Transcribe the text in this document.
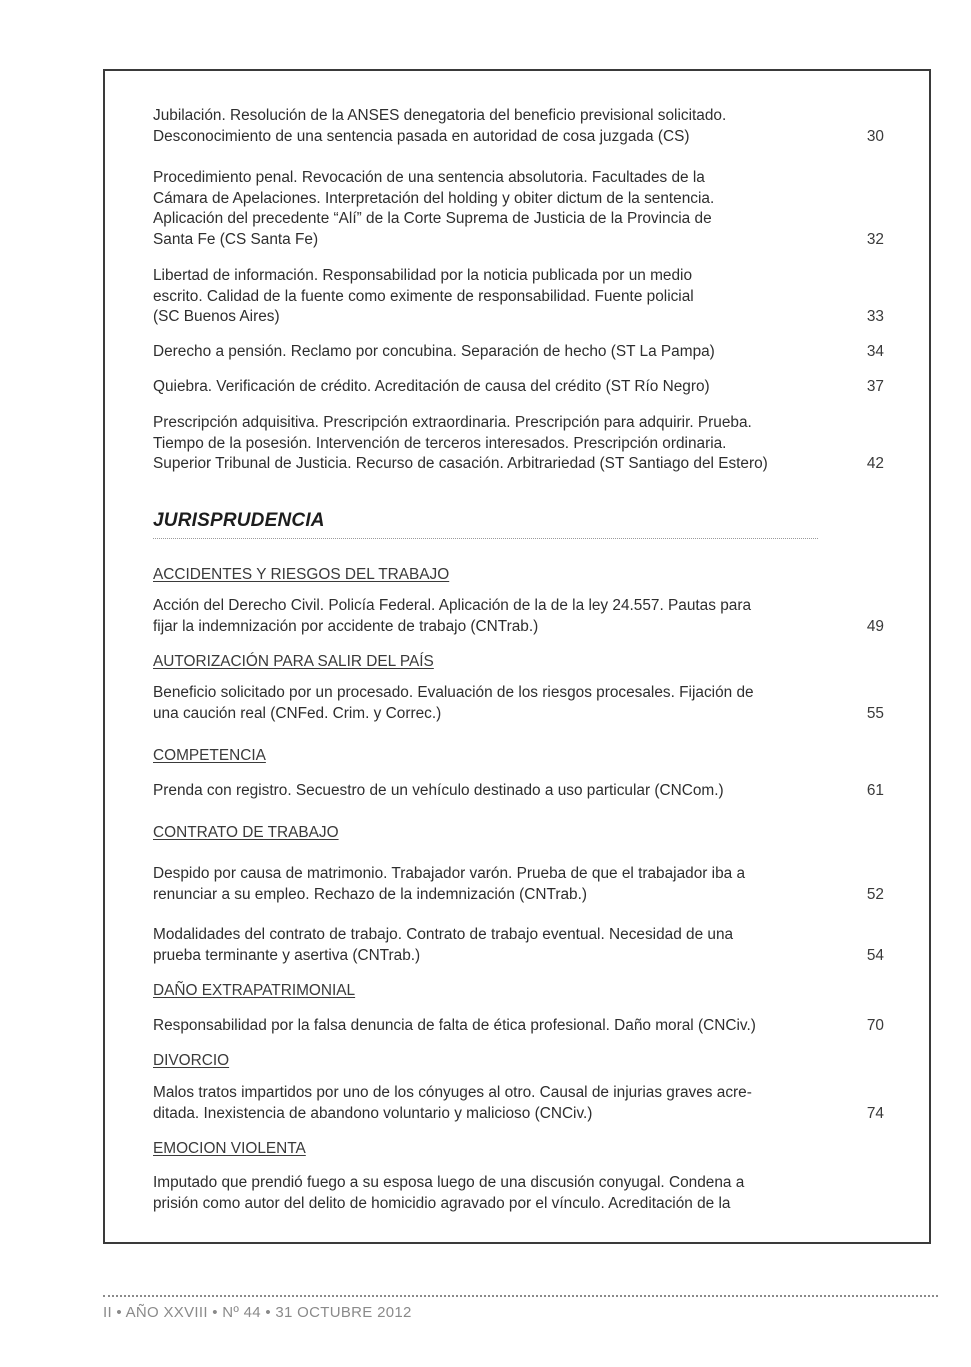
Jubilación. Resolución de la ANSES denegatoria del beneficio previsional solicitado.
Desconocimiento de una sentencia pasada en autoridad de cosa juzgada (CS)	30
Procedimiento penal. Revocación de una sentencia absolutoria. Facultades de la
Cámara de Apelaciones. Interpretación del holding y obiter dictum de la sentencia.
Aplicación del precedente “Alí” de la Corte Suprema de Justicia de la Provincia de
Santa Fe (CS Santa Fe)	32
Libertad de información. Responsabilidad por la noticia publicada por un medio
escrito. Calidad de la fuente como eximente de responsabilidad. Fuente policial
(SC Buenos Aires)	33
Derecho a pensión. Reclamo por concubina. Separación de hecho (ST La Pampa)	34
Quiebra. Verificación de crédito. Acreditación de causa del crédito (ST Río Negro)	37
Prescripción adquisitiva. Prescripción extraordinaria. Prescripción para adquirir. Prueba.
Tiempo de la posesión. Intervención de terceros interesados. Prescripción ordinaria.
Superior Tribunal de Justicia. Recurso de casación. Arbitrariedad (ST Santiago del Estero)	42
JURISPRUDENCIA
ACCIDENTES Y RIESGOS DEL TRABAJO
Acción del Derecho Civil. Policía Federal. Aplicación de la de la ley 24.557. Pautas para
fijar la indemnización por accidente de trabajo (CNTrab.)	49
AUTORIZACIÓN PARA SALIR DEL PAÍS
Beneficio solicitado por un procesado. Evaluación de los riesgos procesales. Fijación de
una caución real (CNFed. Crim. y Correc.)	55
COMPETENCIA
Prenda con registro. Secuestro de un vehículo destinado a uso particular (CNCom.)	61
CONTRATO DE TRABAJO
Despido por causa de matrimonio. Trabajador varón. Prueba de que el trabajador iba a
renunciar a su empleo. Rechazo de la indemnización (CNTrab.)	52
Modalidades del contrato de trabajo. Contrato de trabajo eventual. Necesidad de una
prueba terminante y asertiva (CNTrab.)	54
DAÑO EXTRAPATRIMONIAL
Responsabilidad por la falsa denuncia de falta de ética profesional. Daño moral (CNCiv.)	70
DIVORCIO
Malos tratos impartidos por uno de los cónyuges al otro. Causal de injurias graves acre-
ditada. Inexistencia de abandono voluntario y malicioso (CNCiv.)	74
EMOCION VIOLENTA
Imputado que prendió fuego a su esposa luego de una discusión conyugal. Condena a
prisión como autor del delito de homicidio agravado por el vínculo. Acreditación de la
II • AÑO XXVIII • Nº 44 • 31 OCTUBRE 2012
